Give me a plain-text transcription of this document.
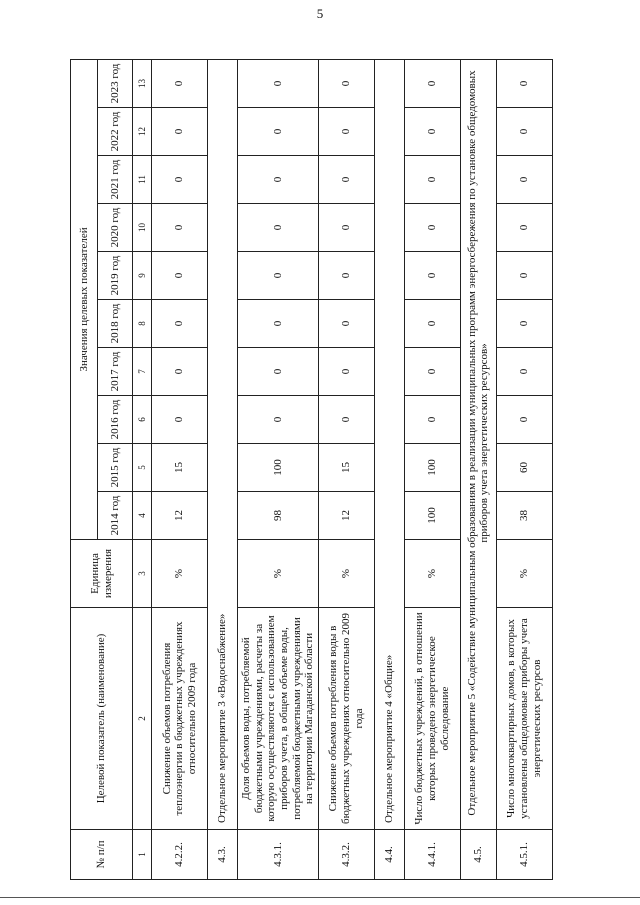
5
№ п/п	Целевой показатель (наименование)	Единица измерения	Значения целевых показателей									
			2014 год	2015 год	2016 год	2017 год	2018 год	2019 год	2020 год	2021 год	2022 год	2023 год
1	2	3	4	5	6	7	8	9	10	11	12	13
4.2.2.	Снижение объемов потребления теплоэнергии в бюджетных учреждениях относительно 2009 года	%	12	15	0	0	0	0	0	0	0	0
4.3.	Отдельное мероприятие 3 «Водоснабжение»											
4.3.1.	Доля объемов воды, потребляемой бюджетными учреждениями, расчеты за которую осуществляются с использованием приборов учета, в общем объеме воды, потребляемой бюджетными учреждениями на территории Магаданской области	%	98	100	0	0	0	0	0	0	0	0
4.3.2.	Снижение объемов потребления воды в бюджетных учреждениях относительно 2009 года	%	12	15	0	0	0	0	0	0	0	0
4.4.	Отдельное мероприятие 4 «Общие»											
4.4.1.	Число бюджетных учреждений, в отношении которых проведено энергетическое обследование	%	100	100	0	0	0	0	0	0	0	0
4.5.	Отдельное мероприятие 5 «Содействие муниципальным образованиям в реализации муниципальных программ энергосбережения по установке общедомовых приборов учета энергетических ресурсов»											
4.5.1.	Число многоквартирных домов, в которых установлены общедомовые приборы учета энергетических ресурсов	%	38	60	0	0	0	0	0	0	0	0
